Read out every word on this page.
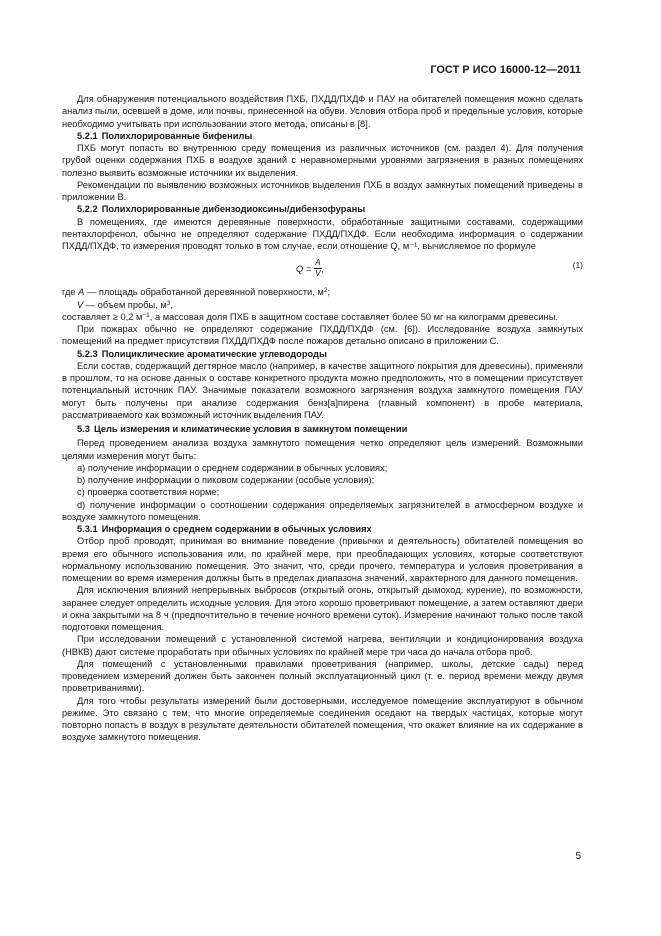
ГОСТ Р ИСО 16000-12—2011

Для обнаружения потенциального воздействия ПХБ, ПХДД/ПХДФ и ПАУ на обитателей помещения можно сделать анализ пыли, осевшей в доме, или почвы, принесенной на обуви. Условия отбора проб и предельные условия, которые необходимо учитывать при использовании этого метода, описаны в [8].

5.2.1 Полихлорированные бифенилы

ПХБ могут попасть во внутреннюю среду помещения из различных источников (см. раздел 4). Для получения грубой оценки содержания ПХБ в воздухе зданий с неравномерными уровнями загрязнения в разных помещениях полезно выявить возможные источники их выделения.

Рекомендации по выявлению возможных источников выделения ПХБ в воздух замкнутых помещений приведены в приложении В.

5.2.2 Полихлорированные дибензодиоксины/дибензофураны

В помещениях, где имеются деревянные поверхности, обработанные защитными составами, содержащими пентахлорфенол, обычно не определяют содержание ПХДД/ПХДФ. Если необходима информация о содержании ПХДД/ПХДФ, то измерения проводят только в том случае, если отношение Q, м⁻¹, вычисляемое по формуле

$Q = \frac{A}{V}$ ,	(1)

где A — площадь обработанной деревянной поверхности, $м^2$;

V — объем пробы, $м^3$,

составляет ≥ 0,2 $м^{-1}$, а массовая доля ПХБ в защитном составе составляет более 50 мг на килограмм древесины.

При пожарах обычно не определяют содержание ПХДД/ПХДФ (см. [6]). Исследование воздуха замкнутых помещений на предмет присутствия ПХДД/ПХДФ после пожаров детально описано в приложении С.

5.2.3 Полициклические ароматические углеводороды

Если состав, содержащий дегтярное масло (например, в качестве защитного покрытия для древесины), применяли в прошлом, то на основе данных о составе конкретного продукта можно предположить, что в помещении присутствует потенциальный источник ПАУ. Значимые показатели возможного загрязнения воздуха замкнутого помещения ПАУ могут быть получены при анализе содержания бенз[а]пирена (главный компонент) в пробе материала, рассматриваемого как возможный источник выделения ПАУ.

5.3 Цель измерения и климатические условия в замкнутом помещении

Перед проведением анализа воздуха замкнутого помещения четко определяют цель измерений. Возможными целями измерения могут быть:

a) получение информации о среднем содержании в обычных условиях;

b) получение информации о пиковом содержании (особые условия);

c) проверка соответствия норме;

d) получение информации о соотношении содержания определяемых загрязнителей в атмосферном воздухе и воздухе замкнутого помещения.

5.3.1 Информация о среднем содержании в обычных условиях

Отбор проб проводят, принимая во внимание поведение (привычки и деятельность) обитателей помещения во время его обычного использования или, по крайней мере, при преобладающих условиях, которые соответствуют нормальному использованию помещения. Это значит, что, среди прочего, температура и условия проветривания в помещении во время измерения должны быть в пределах диапазона значений, характерного для данного помещения.

Для исключения влияний непрерывных выбросов (открытый огонь, открытый дымоход, курение), по возможности, заранее следует определить исходные условия. Для этого хорошо проветривают помещение, а затем оставляют двери и окна закрытыми на 8 ч (предпочтительно в течение ночного времени суток). Измерение начинают только после такой подготовки помещения.

При исследовании помещений с установленной системой нагрева, вентиляции и кондиционирования воздуха (НВКВ) дают системе проработать при обычных условиях по крайней мере три часа до начала отбора проб.

Для помещений с установленными правилами проветривания (например, школы, детские сады) перед проведением измерений должен быть закончен полный эксплуатационный цикл (т. е. период времени между двумя проветриваниями).

Для того чтобы результаты измерений были достоверными, исследуемое помещение эксплуатируют в обычном режиме. Это связано с тем, что многие определяемые соединения оседают на твердых частицах, которые могут повторно попасть в воздух в результате деятельности обитателей помещения, что окажет влияние на их содержание в воздухе замкнутого помещения.

5
